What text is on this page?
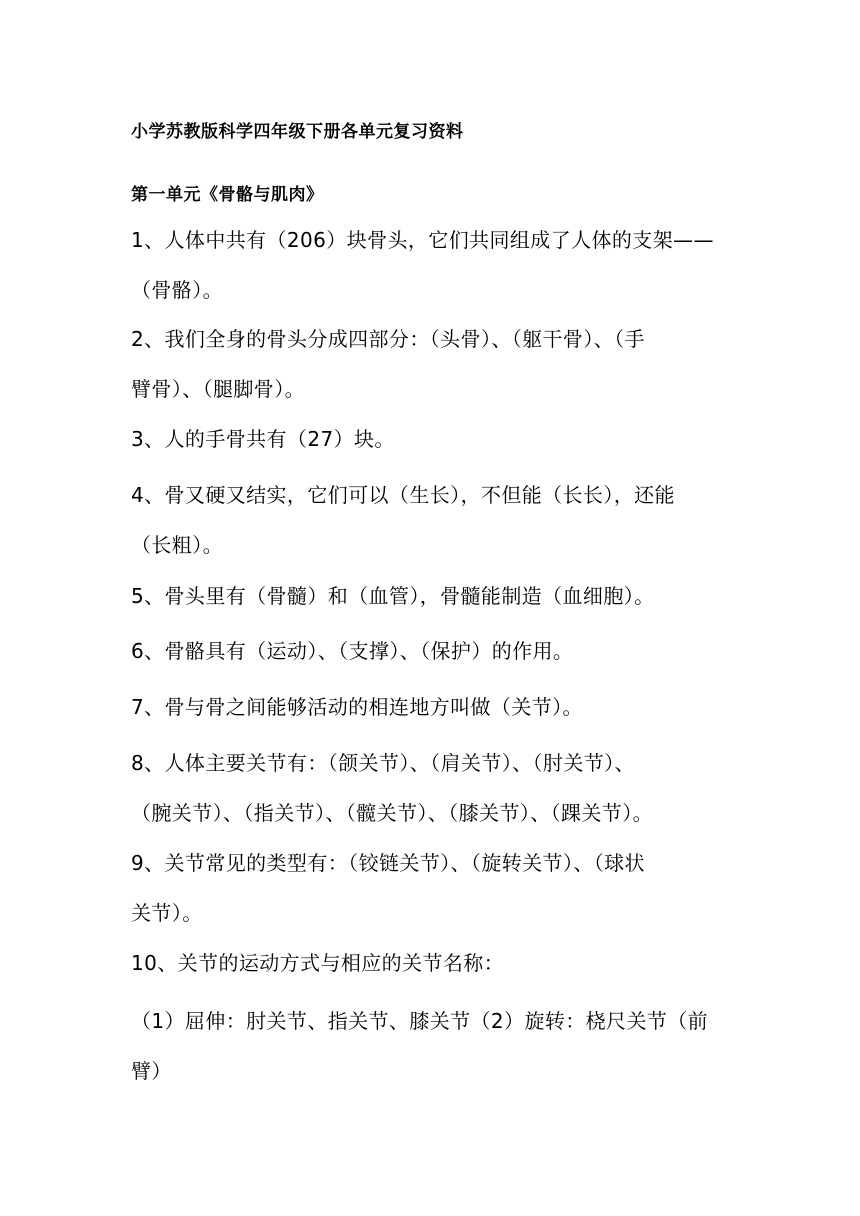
小学苏教版科学四年级下册各单元复习资料
第一单元《骨骼与肌肉》
1、人体中共有（206）块骨头，它们共同组成了人体的支架——
（骨骼）。
2、我们全身的骨头分成四部分：（头骨）、（躯干骨）、（手
臂骨）、（腿脚骨）。
3、人的手骨共有（27）块。
4、骨又硬又结实，它们可以（生长），不但能（长长），还能
（长粗）。
5、骨头里有（骨髓）和（血管），骨髓能制造（血细胞）。
6、骨骼具有（运动）、（支撑）、（保护）的作用。
7、骨与骨之间能够活动的相连地方叫做（关节）。
8、人体主要关节有：（颌关节）、（肩关节）、（肘关节）、
（腕关节）、（指关节）、（髋关节）、（膝关节）、（踝关节）。
9、关节常见的类型有：（铰链关节）、（旋转关节）、（球状
关节）。
10、关节的运动方式与相应的关节名称：
（1）屈伸：肘关节、指关节、膝关节（2）旋转：桡尺关节（前
臂）
